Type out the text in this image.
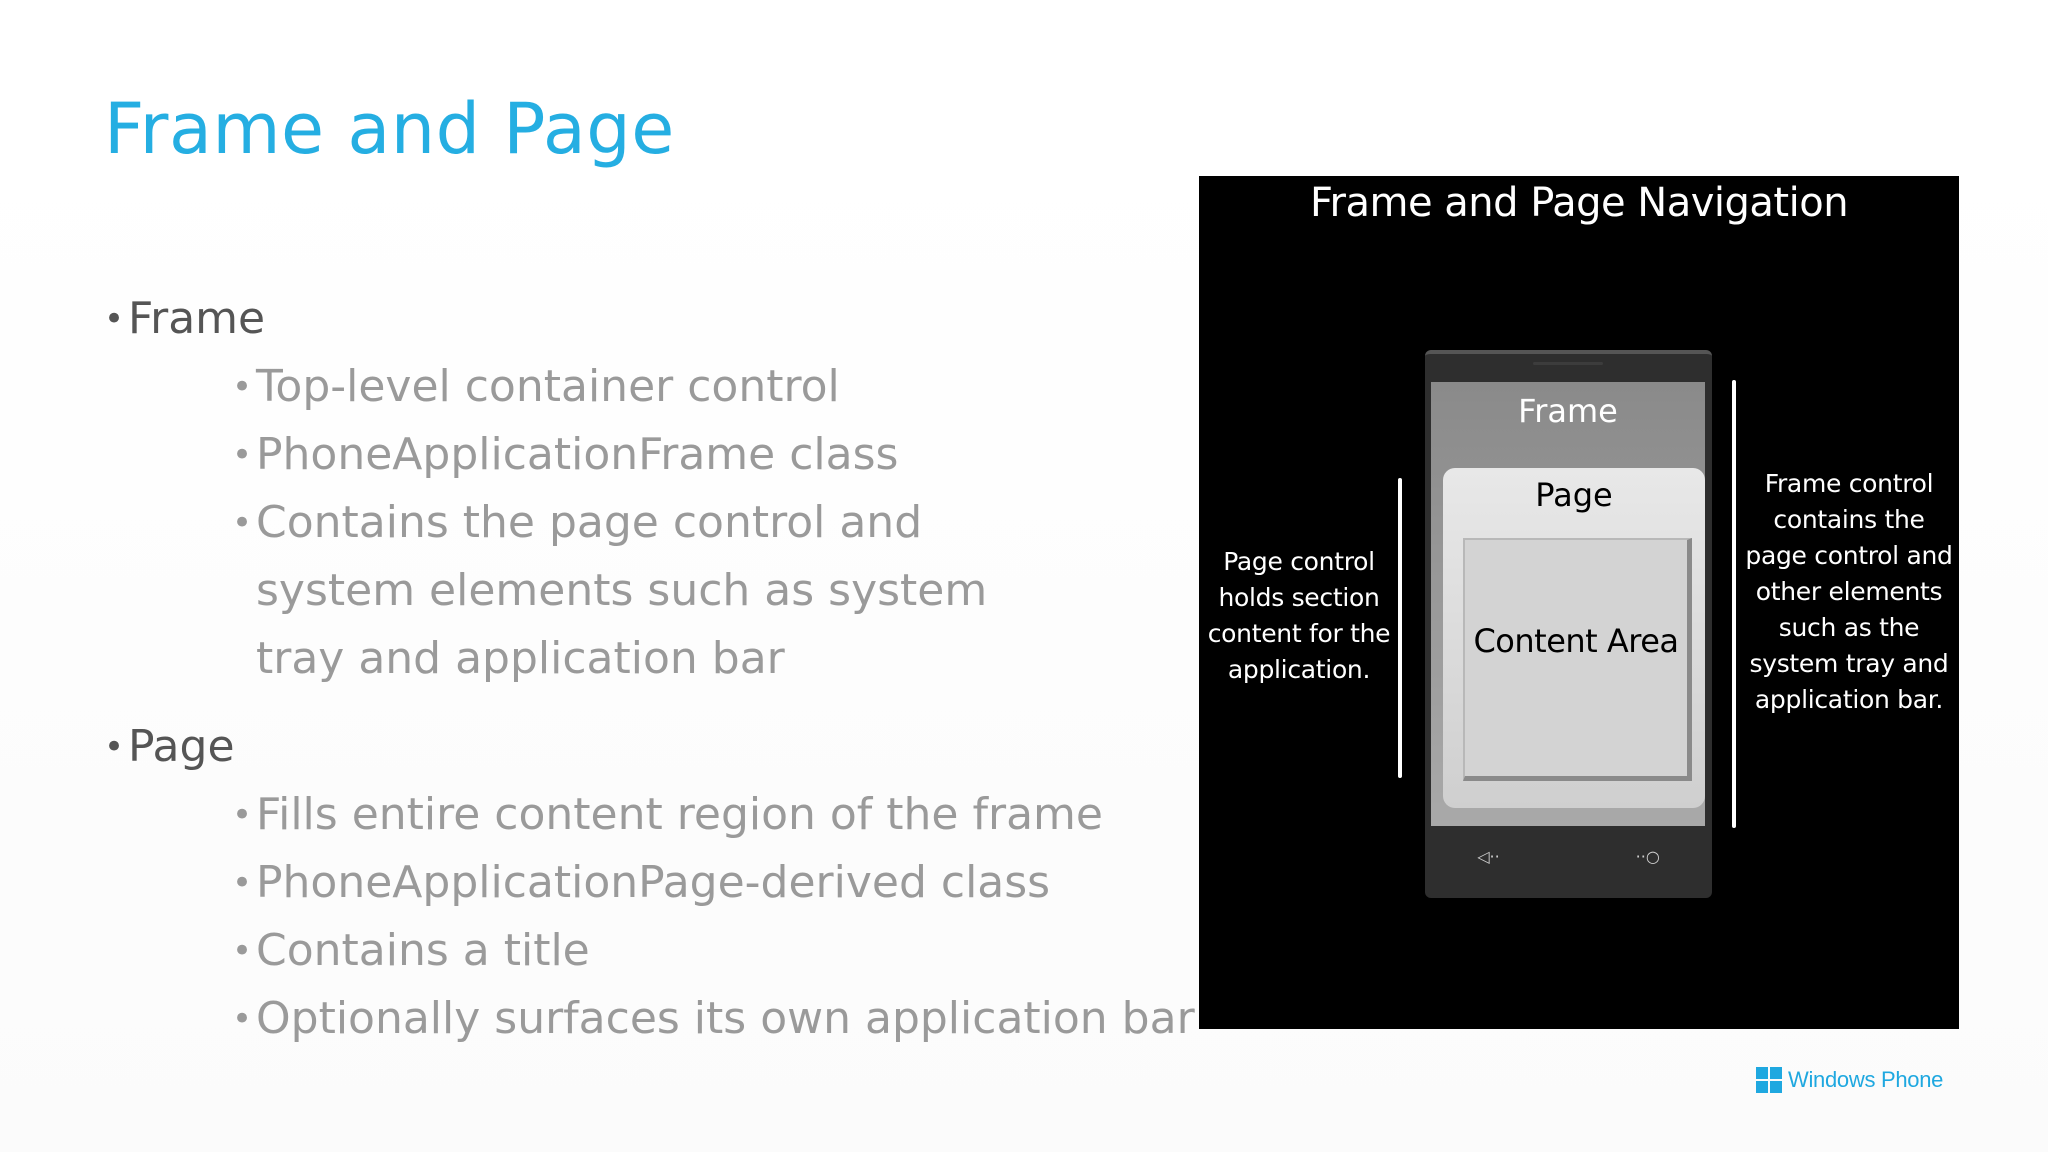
Frame and Page
• Frame
• Top-level container control
• PhoneApplicationFrame class
• Contains the page control and system elements such as system tray and application bar
• Page
• Fills entire content region of the frame
• PhoneApplicationPage-derived class
• Contains a title
• Optionally surfaces its own application bar
Frame and Page Navigation
Page control holds section content for the application.
Frame
Page
Content Area
◁··
··○
Frame control contains the page control and other elements such as the system tray and application bar.
Windows Phone
